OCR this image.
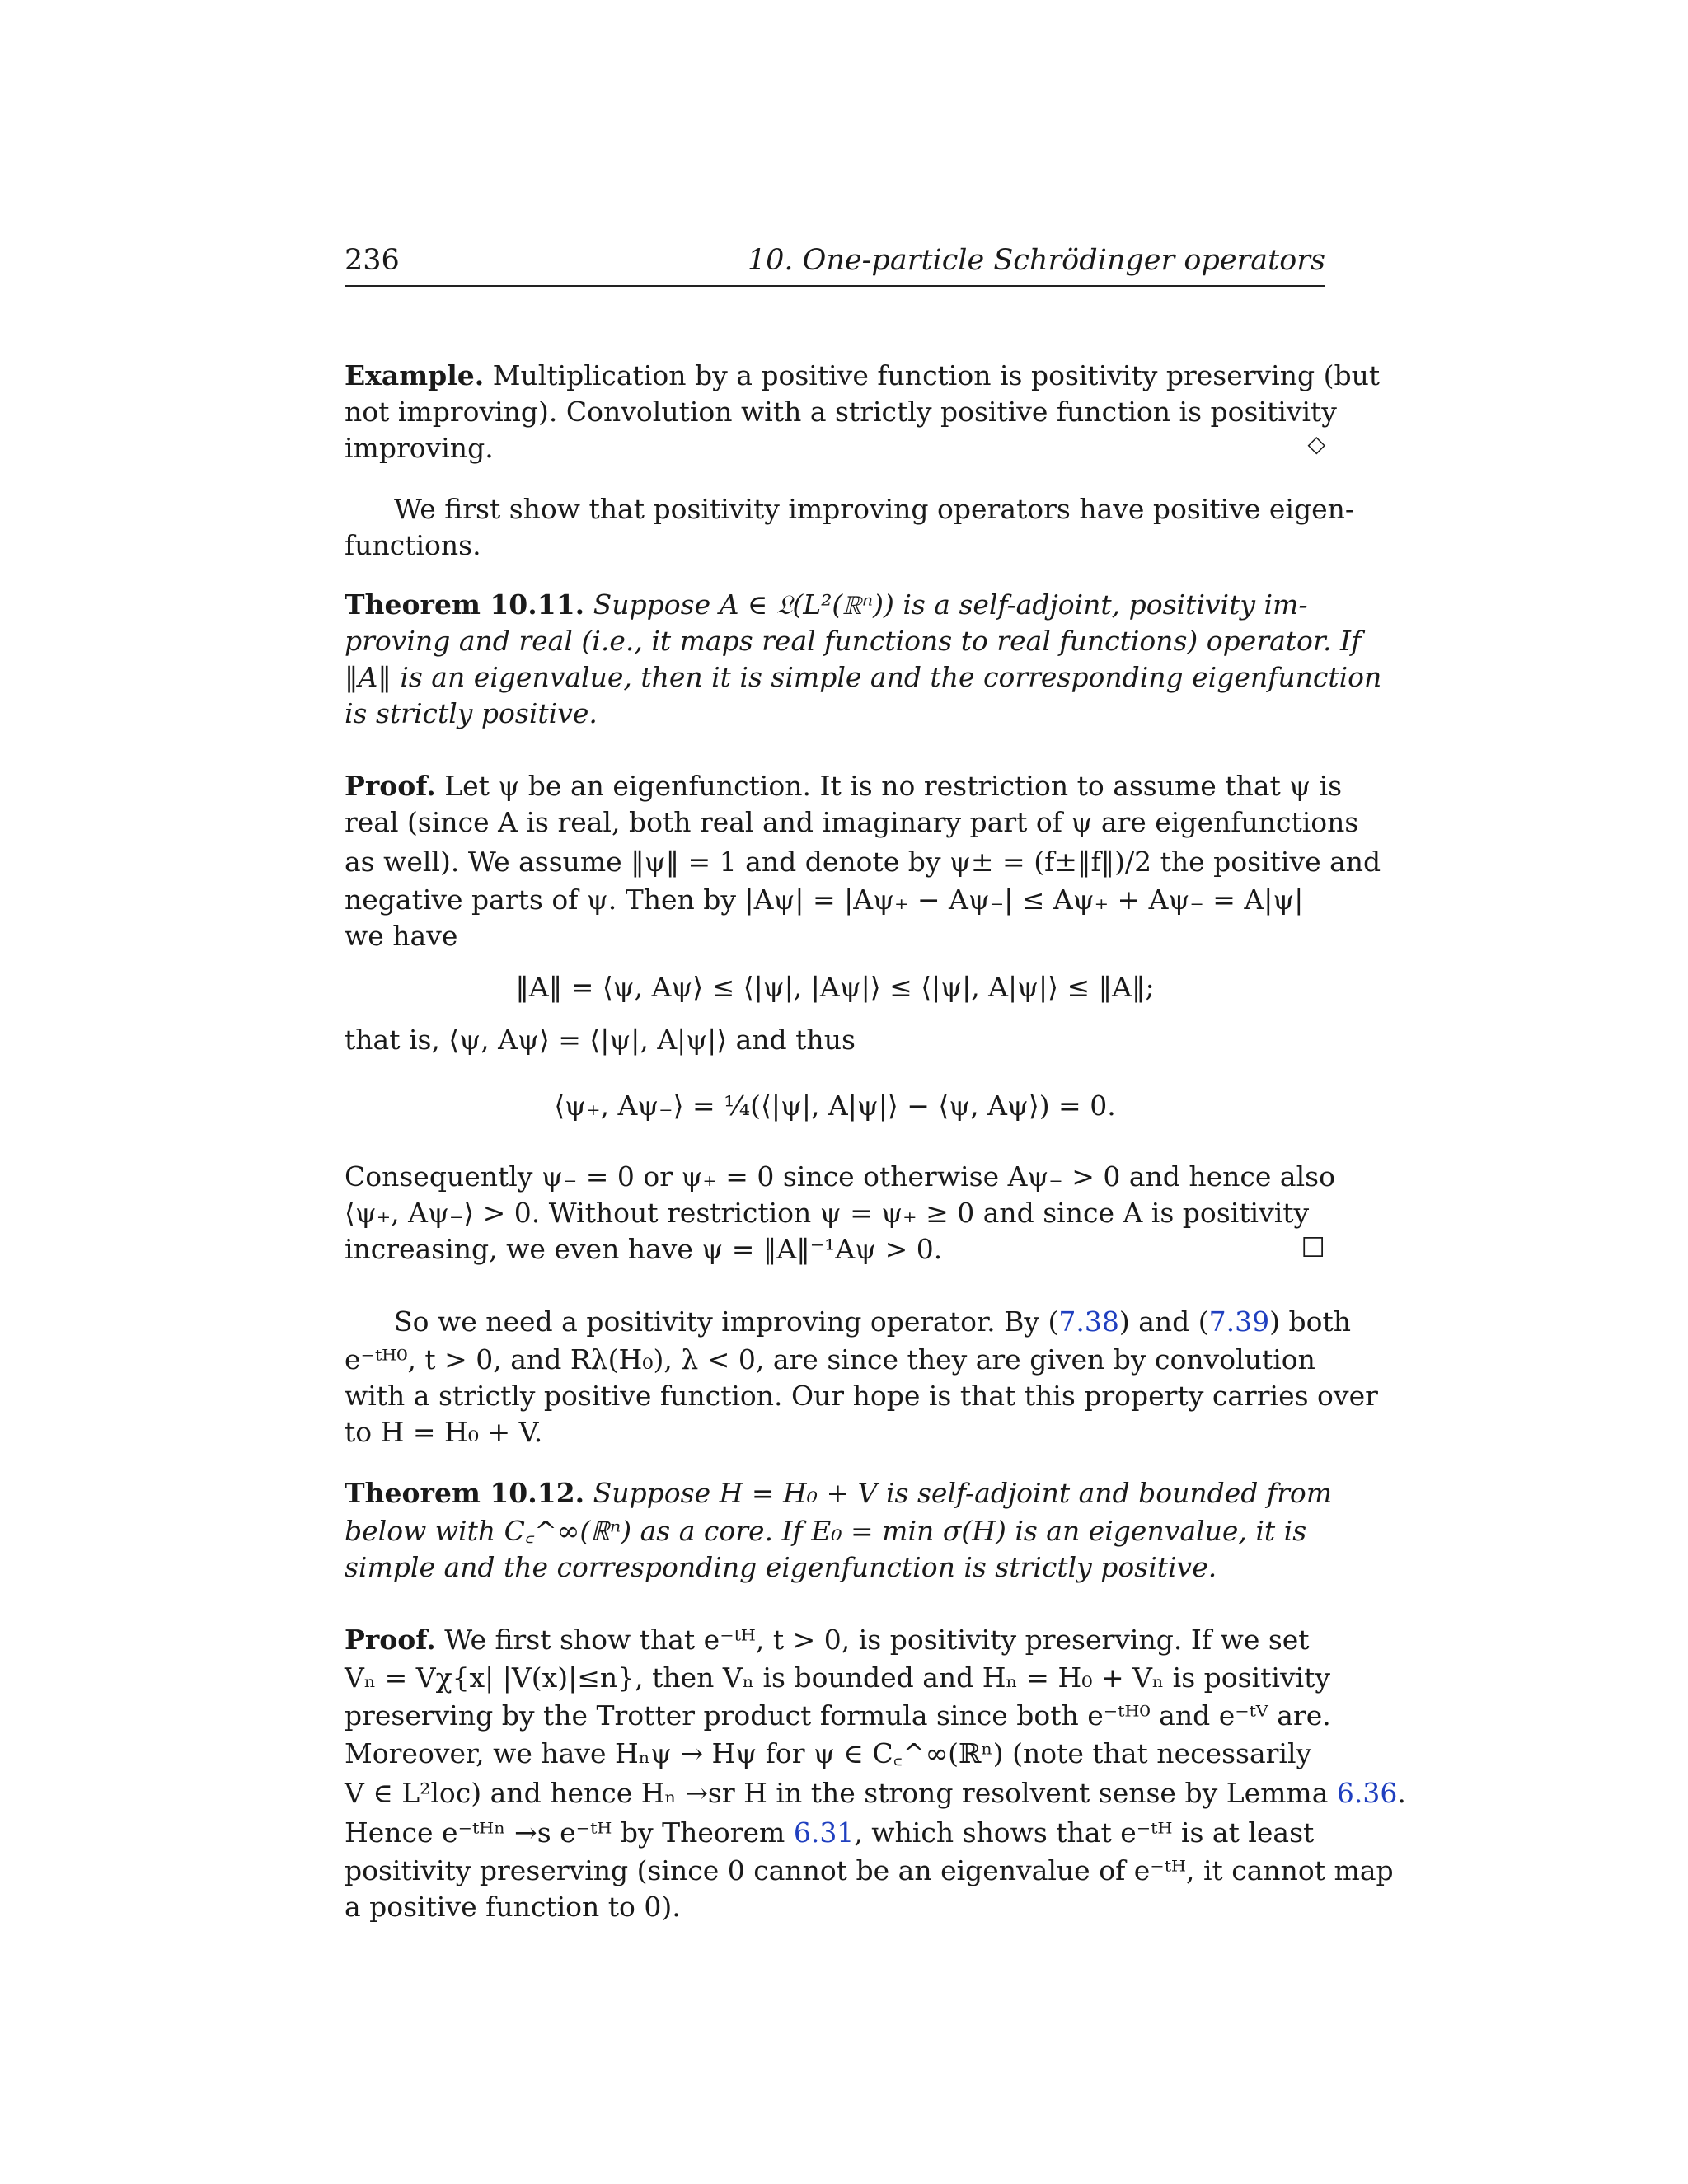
236	10. One-particle Schrödinger operators
Example. Multiplication by a positive function is positivity preserving (but
not improving). Convolution with a strictly positive function is positivity
improving.	◇
We first show that positivity improving operators have positive eigen-
functions.
Theorem 10.11. Suppose A ∈ 𝔏(L²(ℝⁿ)) is a self-adjoint, positivity im-
proving and real (i.e., it maps real functions to real functions) operator. If
‖A‖ is an eigenvalue, then it is simple and the corresponding eigenfunction
is strictly positive.
Proof. Let ψ be an eigenfunction. It is no restriction to assume that ψ is
real (since A is real, both real and imaginary part of ψ are eigenfunctions
as well). We assume ‖ψ‖ = 1 and denote by ψ± = (f±‖f‖)/2 the positive and
negative parts of ψ. Then by |Aψ| = |Aψ₊ − Aψ₋| ≤ Aψ₊ + Aψ₋ = A|ψ|
we have
‖A‖ = ⟨ψ, Aψ⟩ ≤ ⟨|ψ|, |Aψ|⟩ ≤ ⟨|ψ|, A|ψ|⟩ ≤ ‖A‖;
that is, ⟨ψ, Aψ⟩ = ⟨|ψ|, A|ψ|⟩ and thus
⟨ψ₊, Aψ₋⟩ = ¼(⟨|ψ|, A|ψ|⟩ − ⟨ψ, Aψ⟩) = 0.
Consequently ψ₋ = 0 or ψ₊ = 0 since otherwise Aψ₋ > 0 and hence also
⟨ψ₊, Aψ₋⟩ > 0. Without restriction ψ = ψ₊ ≥ 0 and since A is positivity
increasing, we even have ψ = ‖A‖⁻¹Aψ > 0.	☐
So we need a positivity improving operator. By (7.38) and (7.39) both
e⁻ᵗᴴ⁰, t > 0, and Rλ(H₀), λ < 0, are since they are given by convolution
with a strictly positive function. Our hope is that this property carries over
to H = H₀ + V.
Theorem 10.12. Suppose H = H₀ + V is self-adjoint and bounded from
below with C꜀^∞(ℝⁿ) as a core. If E₀ = min σ(H) is an eigenvalue, it is
simple and the corresponding eigenfunction is strictly positive.
Proof. We first show that e⁻ᵗᴴ, t > 0, is positivity preserving. If we set
Vₙ = Vχ{x| |V(x)|≤n}, then Vₙ is bounded and Hₙ = H₀ + Vₙ is positivity
preserving by the Trotter product formula since both e⁻ᵗᴴ⁰ and e⁻ᵗⱽ are.
Moreover, we have Hₙψ → Hψ for ψ ∈ C꜀^∞(ℝⁿ) (note that necessarily
V ∈ L²loc) and hence Hₙ →sr H in the strong resolvent sense by Lemma 6.36.
Hence e⁻ᵗᴴⁿ →s e⁻ᵗᴴ by Theorem 6.31, which shows that e⁻ᵗᴴ is at least
positivity preserving (since 0 cannot be an eigenvalue of e⁻ᵗᴴ, it cannot map
a positive function to 0).
